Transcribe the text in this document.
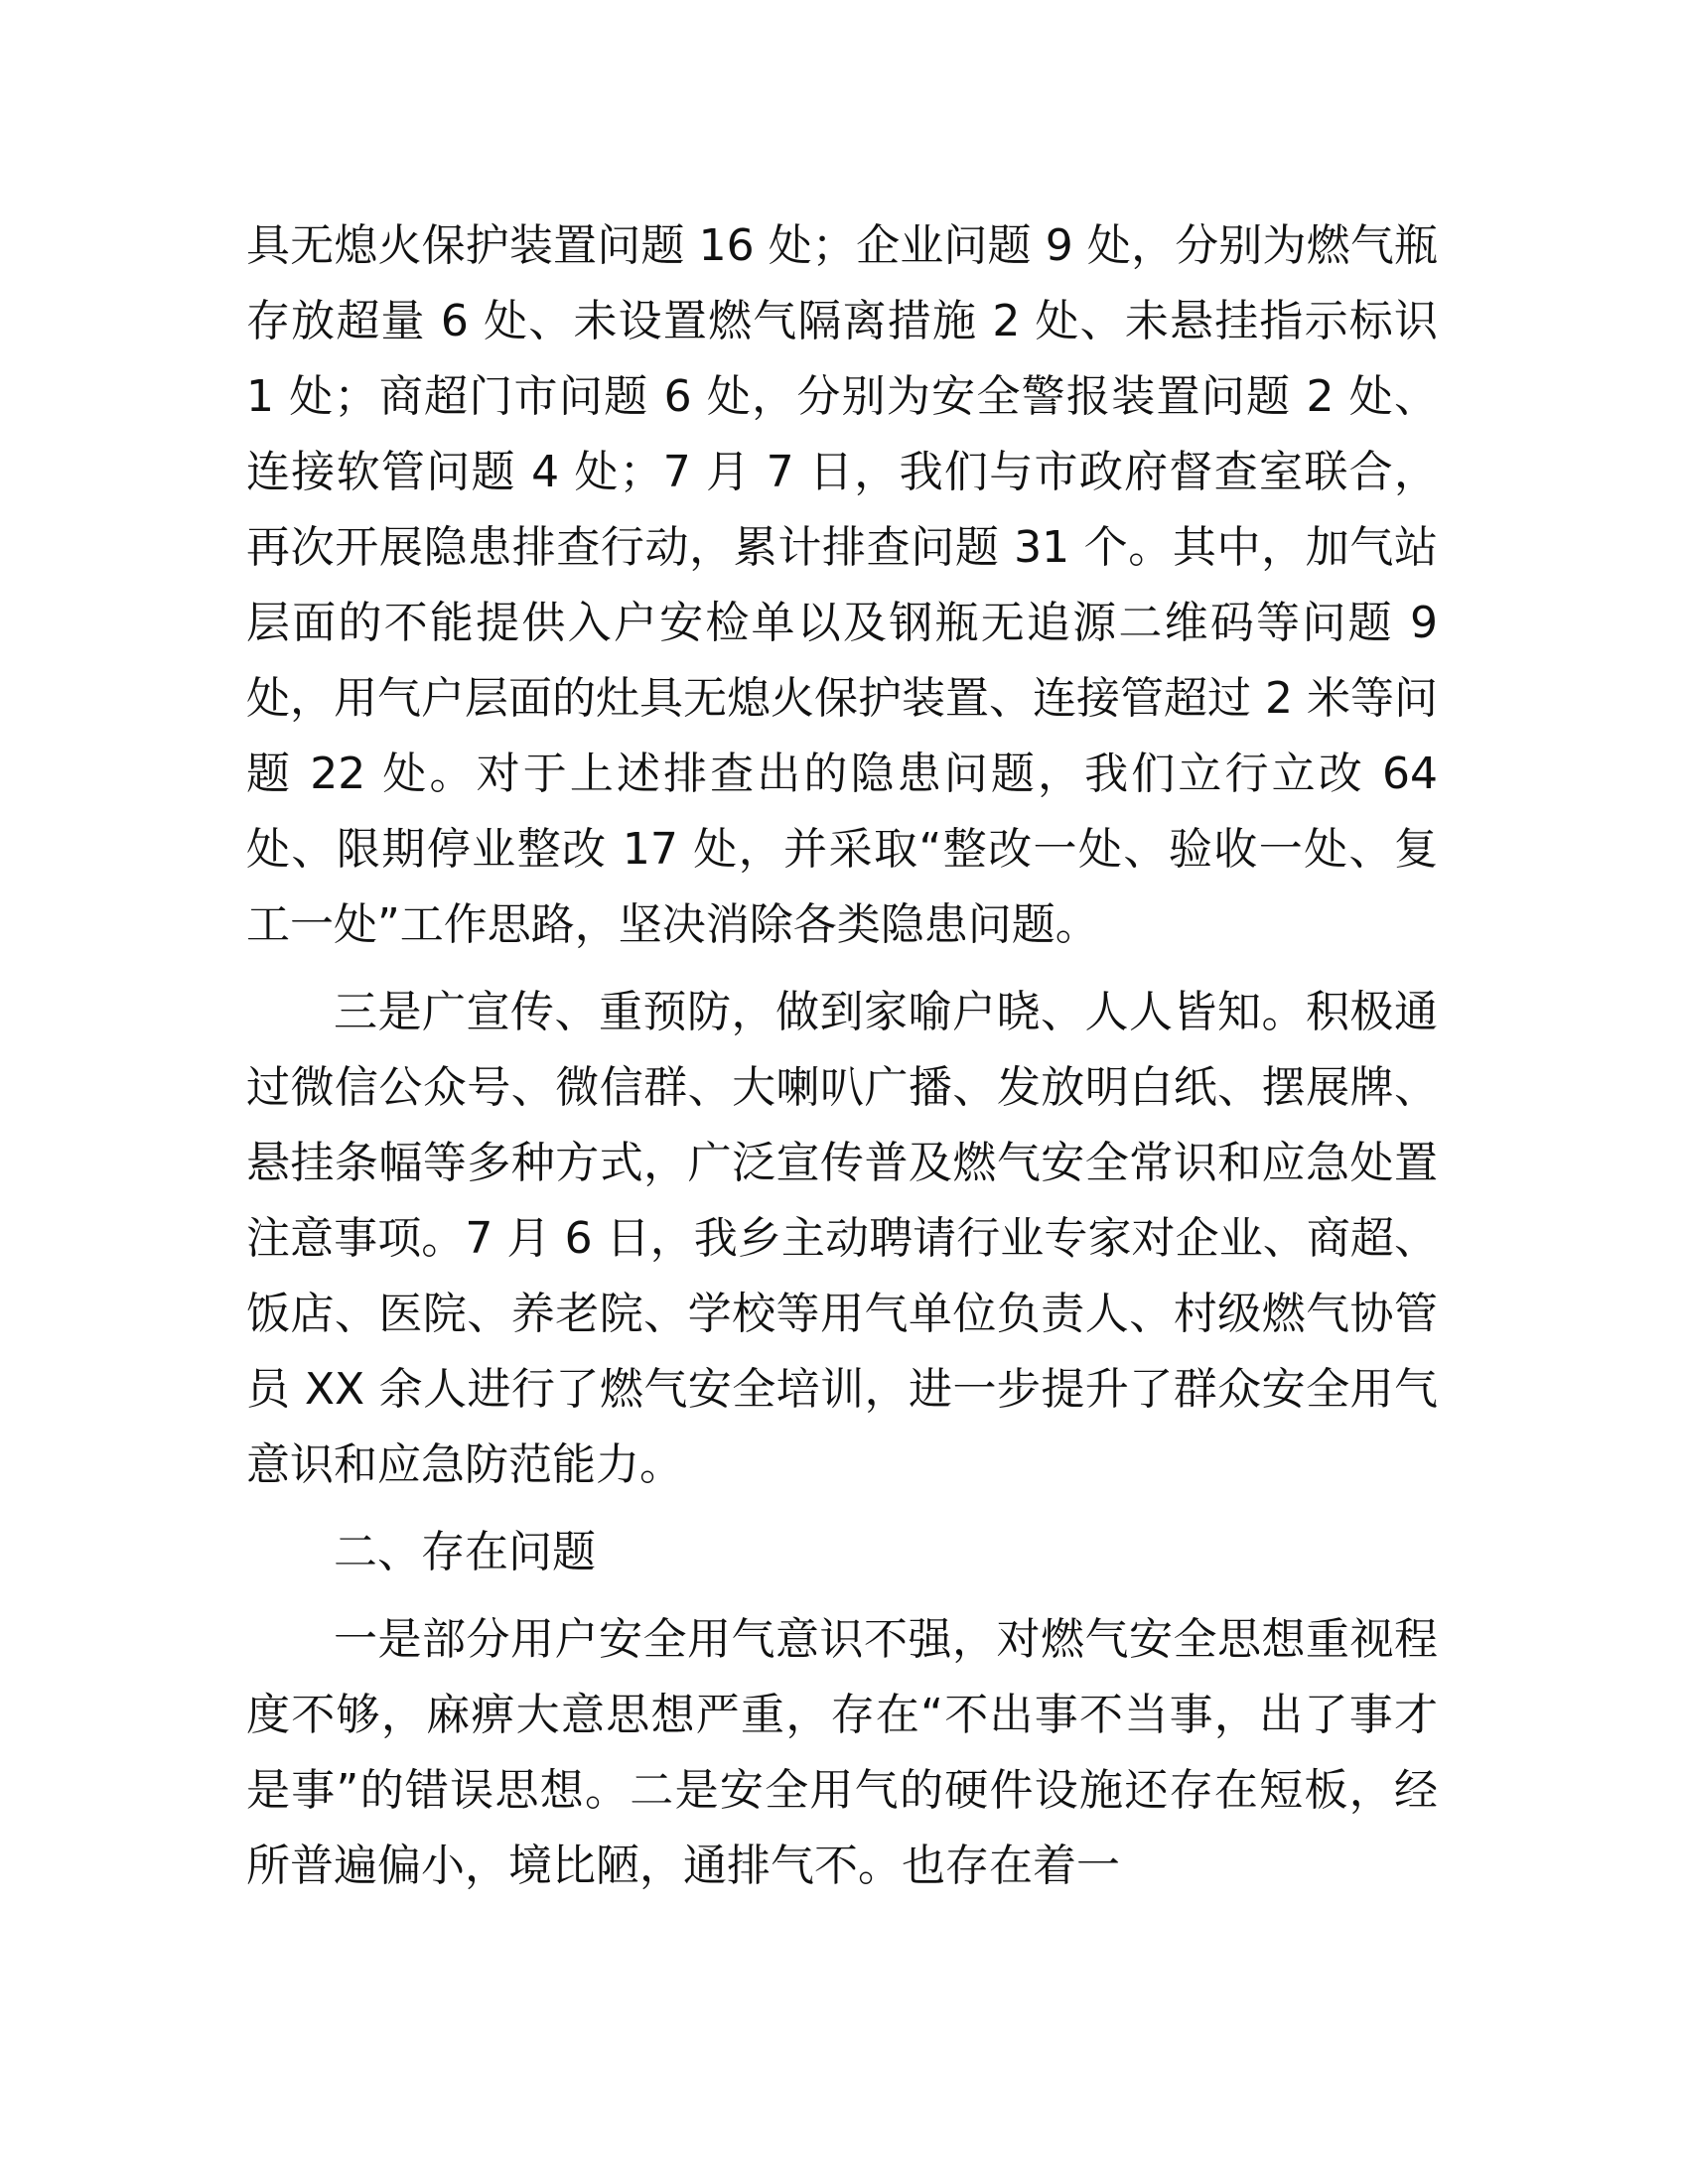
具无熄火保护装置问题 16 处；企业问题 9 处，分别为燃气瓶存放超量 6 处、未设置燃气隔离措施 2 处、未悬挂指示标识 1 处；商超门市问题 6 处，分别为安全警报装置问题 2 处、连接软管问题 4 处；7 月 7 日，我们与市政府督查室联合，再次开展隐患排查行动，累计排查问题 31 个。其中，加气站层面的不能提供入户安检单以及钢瓶无追源二维码等问题 9 处，用气户层面的灶具无熄火保护装置、连接管超过 2 米等问题 22 处。对于上述排查出的隐患问题，我们立行立改 64 处、限期停业整改 17 处，并采取“整改一处、验收一处、复工一处”工作思路，坚决消除各类隐患问题。

三是广宣传、重预防，做到家喻户晓、人人皆知。积极通过微信公众号、微信群、大喇叭广播、发放明白纸、摆展牌、悬挂条幅等多种方式，广泛宣传普及燃气安全常识和应急处置注意事项。7 月 6 日，我乡主动聘请行业专家对企业、商超、饭店、医院、养老院、学校等用气单位负责人、村级燃气协管员 XX 余人进行了燃气安全培训，进一步提升了群众安全用气意识和应急防范能力。

二、存在问题

一是部分用户安全用气意识不强，对燃气安全思想重视程度不够，麻痹大意思想严重，存在“不出事不当事，出了事才是事”的错误思想。二是安全用气的硬件设施还存在短板，经所普遍偏小，境比陋，通排气不。也存在着一
